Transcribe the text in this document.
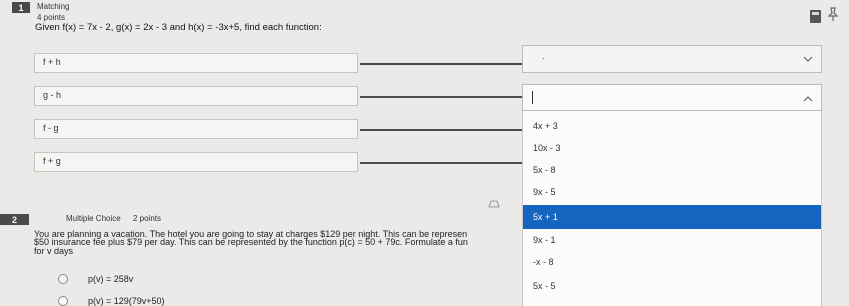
1 Matching
4 points
Given f(x) = 7x - 2, g(x) = 2x - 3 and h(x) = -3x+5, find each function:
f + h
g - h
f - g
f + g
.
4x + 3
10x - 3
5x - 8
9x - 5
5x + 1
9x - 1
-x - 8
5x - 5
2	Multiple Choice 2 points
You are planning a vacation. The hotel you are going to stay at charges $129 per night. This can be represen
$50 insurance fee plus $79 per day. This can be represented by the function p(c) = 50 + 79c. Formulate a fun
for v days
p(v) = 258v
p(v) = 129(79v+50)
